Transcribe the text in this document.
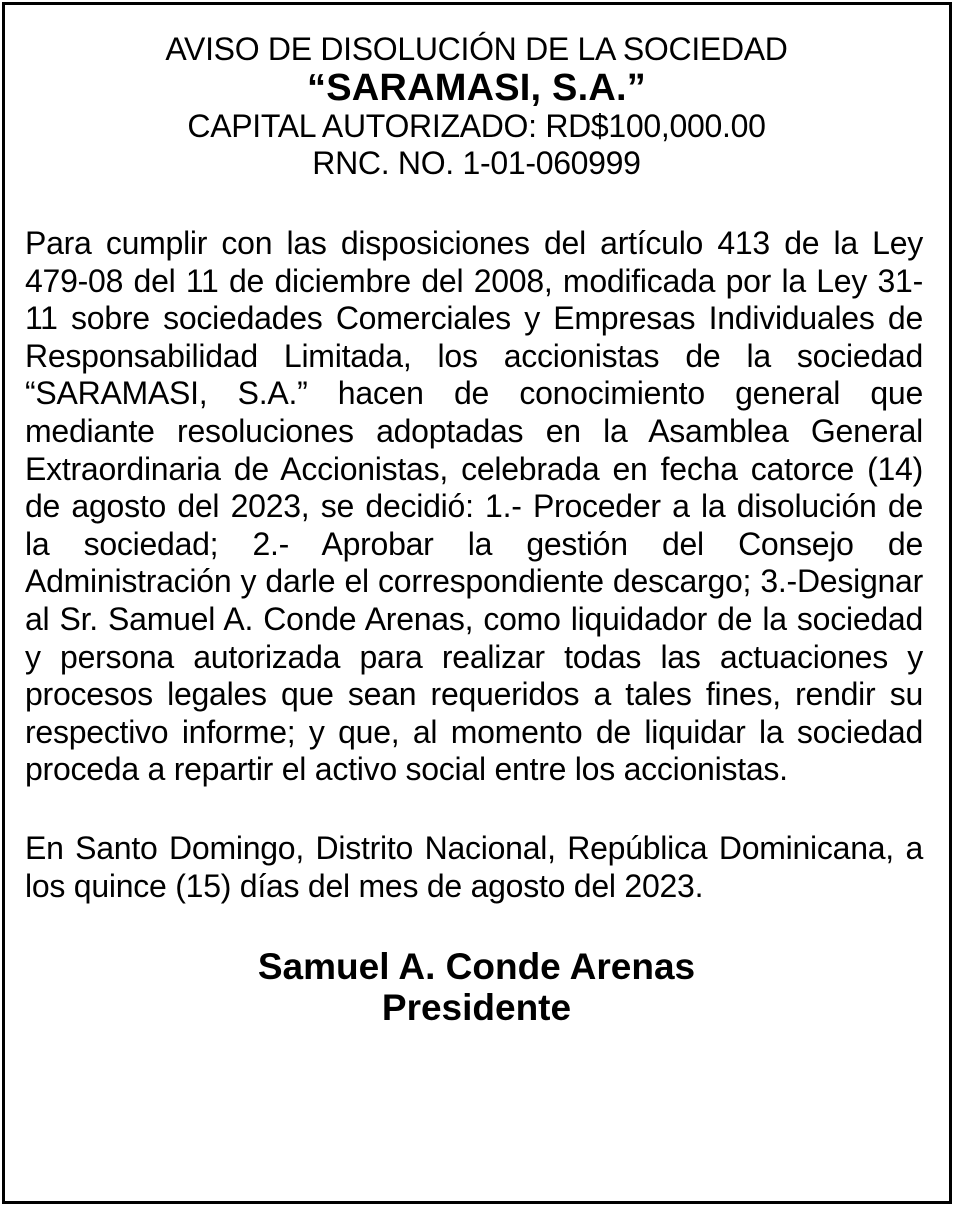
AVISO DE DISOLUCIÓN DE LA SOCIEDAD
“SARAMASI, S.A.”
CAPITAL AUTORIZADO: RD$100,000.00
RNC. NO. 1-01-060999

Para cumplir con las disposiciones del artículo 413 de la Ley 479-08 del 11 de diciembre del 2008, modificada por la Ley 31-11 sobre sociedades Comerciales y Empresas Individuales de Responsabilidad Limitada, los accionistas de la sociedad “SARAMASI, S.A.” hacen de conocimiento general que mediante resoluciones adoptadas en la Asamblea General Extraordinaria de Accionistas, celebrada en fecha catorce (14) de agosto del 2023, se decidió: 1.- Proceder a la disolución de la sociedad; 2.- Aprobar la gestión del Consejo de Administración y darle el correspondiente descargo; 3.-Designar al Sr. Samuel A. Conde Arenas, como liquidador de la sociedad y persona autorizada para realizar todas las actuaciones y procesos legales que sean requeridos a tales fines, rendir su respectivo informe; y que, al momento de liquidar la sociedad proceda a repartir el activo social entre los accionistas.

En Santo Domingo, Distrito Nacional, República Dominicana, a los quince (15) días del mes de agosto del 2023.

Samuel A. Conde Arenas
Presidente
